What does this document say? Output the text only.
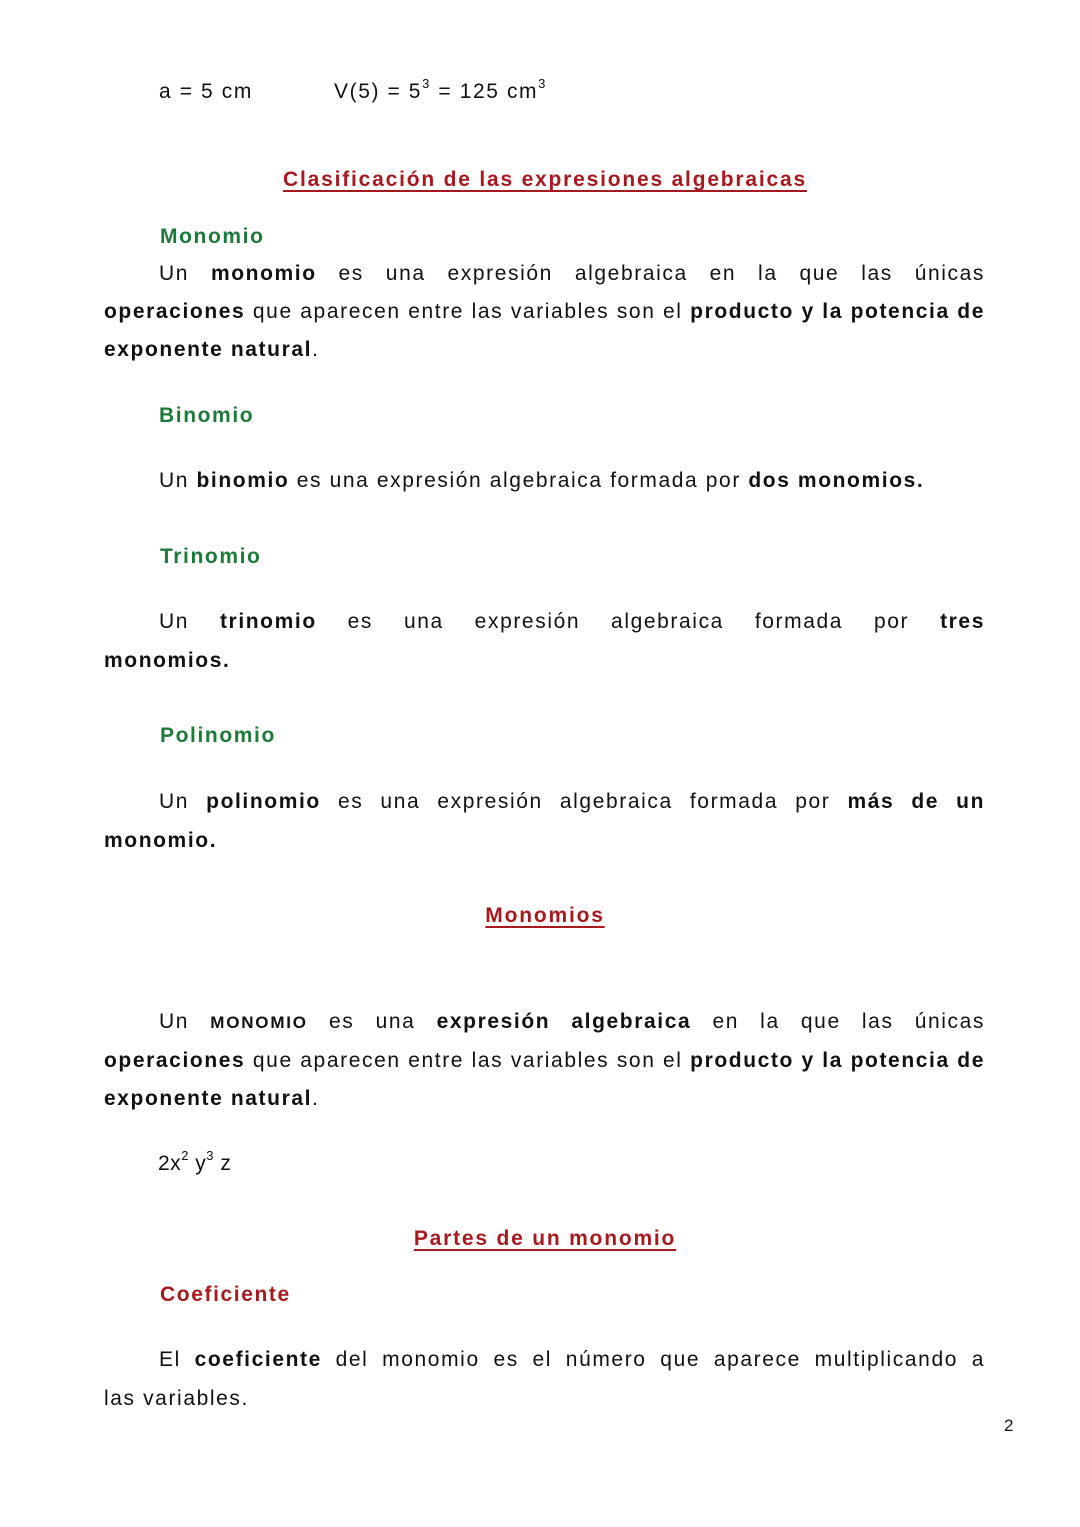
a = 5 cm	$V(5) = 5^3 = 125$ $cm^3$
Clasificación de las expresiones algebraicas
Monomio
Un monomio es una expresión algebraica en la que las únicas operaciones que aparecen entre las variables son el producto y la potencia de exponente natural.
Binomio
Un binomio es una expresión algebraica formada por dos monomios.
Trinomio
Un trinomio es una expresión algebraica formada por tres
monomios.
Polinomio
Un polinomio es una expresión algebraica formada por más de un
monomio.
Monomios
Un MONOMIO es una expresión algebraica en la que las únicas operaciones que aparecen entre las variables son el producto y la potencia de exponente natural.
$2x^2$ $y^3$ z
Partes de un monomio
Coeficiente
El coeficiente del monomio es el número que aparece multiplicando a
las variables.
2
